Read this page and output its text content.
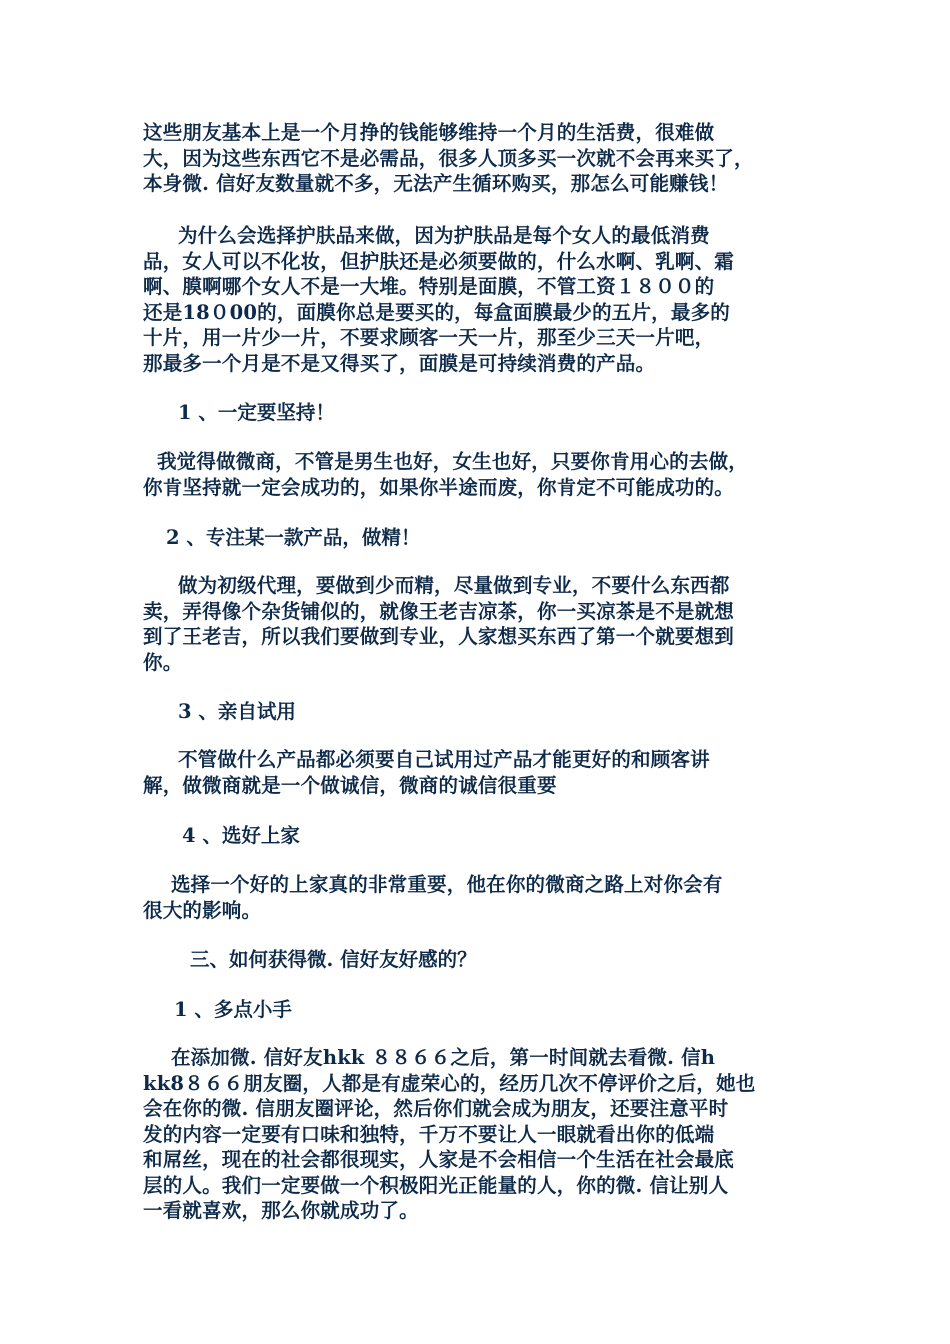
这些朋友基本上是一个月挣的钱能够维持一个月的生活费，很难做
大，因为这些东西它不是必需品，很多人顶多买一次就不会再来买了，
本身微. 信好友数量就不多，无法产生循环购买，那怎么可能赚钱！
为什么会选择护肤品来做，因为护肤品是每个女人的最低消费
品，女人可以不化妆，但护肤还是必须要做的，什么水啊、乳啊、霜
啊、膜啊哪个女人不是一大堆。特别是面膜，不管工资１８００的
还是18０00的，面膜你总是要买的，每盒面膜最少的五片，最多的
十片，用一片少一片，不要求顾客一天一片，那至少三天一片吧，
那最多一个月是不是又得买了，面膜是可持续消费的产品。
1 、一定要坚持！
我觉得做微商，不管是男生也好，女生也好，只要你肯用心的去做，
你肯坚持就一定会成功的，如果你半途而废，你肯定不可能成功的。
2 、专注某一款产品，做精！
做为初级代理，要做到少而精，尽量做到专业，不要什么东西都
卖，弄得像个杂货铺似的，就像王老吉凉茶，你一买凉茶是不是就想
到了王老吉，所以我们要做到专业，人家想买东西了第一个就要想到
你。
3 、亲自试用
不管做什么产品都必须要自己试用过产品才能更好的和顾客讲
解，做微商就是一个做诚信，微商的诚信很重要
4 、选好上家
选择一个好的上家真的非常重要，他在你的微商之路上对你会有
很大的影响。
三、如何获得微. 信好友好感的？
1 、多点小手
在添加微. 信好友hkk ８８６６之后，第一时间就去看微. 信h
kk8８６６朋友圈，人都是有虚荣心的，经历几次不停评价之后，她也
会在你的微. 信朋友圈评论，然后你们就会成为朋友，还要注意平时
发的内容一定要有口味和独特，千万不要让人一眼就看出你的低端
和屌丝，现在的社会都很现实，人家是不会相信一个生活在社会最底
层的人。我们一定要做一个积极阳光正能量的人，你的微. 信让别人
一看就喜欢，那么你就成功了。
